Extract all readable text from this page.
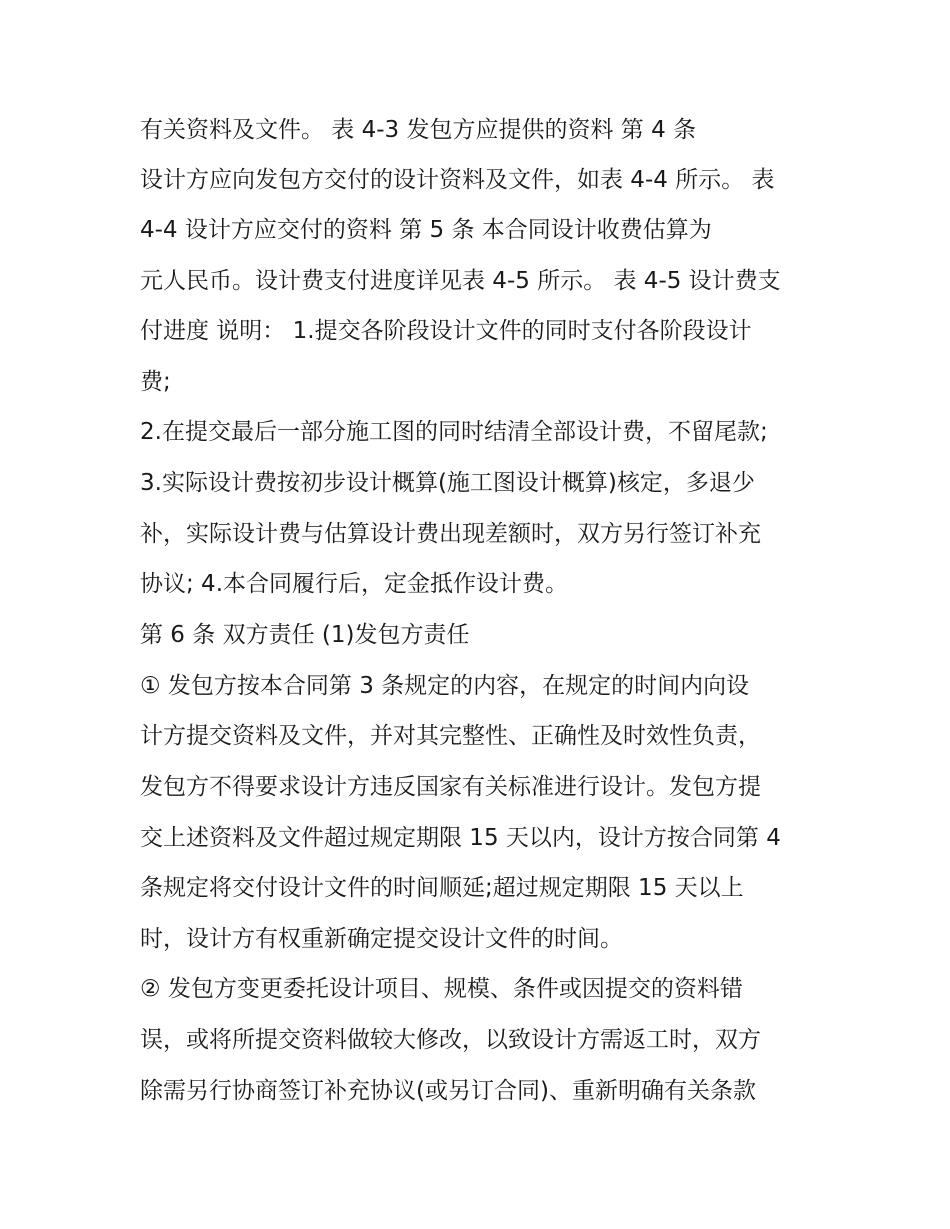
有关资料及文件。 表 4-3 发包方应提供的资料 第 4 条
设计方应向发包方交付的设计资料及文件，如表 4-4 所示。 表
4-4 设计方应交付的资料 第 5 条 本合同设计收费估算为
元人民币。设计费支付进度详见表 4-5 所示。 表 4-5 设计费支
付进度 说明： 1.提交各阶段设计文件的同时支付各阶段设计
费;
2.在提交最后一部分施工图的同时结清全部设计费，不留尾款;
3.实际设计费按初步设计概算(施工图设计概算)核定，多退少
补，实际设计费与估算设计费出现差额时，双方另行签订补充
协议; 4.本合同履行后，定金抵作设计费。
第 6 条 双方责任 (1)发包方责任
① 发包方按本合同第 3 条规定的内容，在规定的时间内向设
计方提交资料及文件，并对其完整性、正确性及时效性负责，
发包方不得要求设计方违反国家有关标准进行设计。发包方提
交上述资料及文件超过规定期限 15 天以内，设计方按合同第 4
条规定将交付设计文件的时间顺延;超过规定期限 15 天以上
时，设计方有权重新确定提交设计文件的时间。
② 发包方变更委托设计项目、规模、条件或因提交的资料错
误，或将所提交资料做较大修改，以致设计方需返工时，双方
除需另行协商签订补充协议(或另订合同)、重新明确有关条款
